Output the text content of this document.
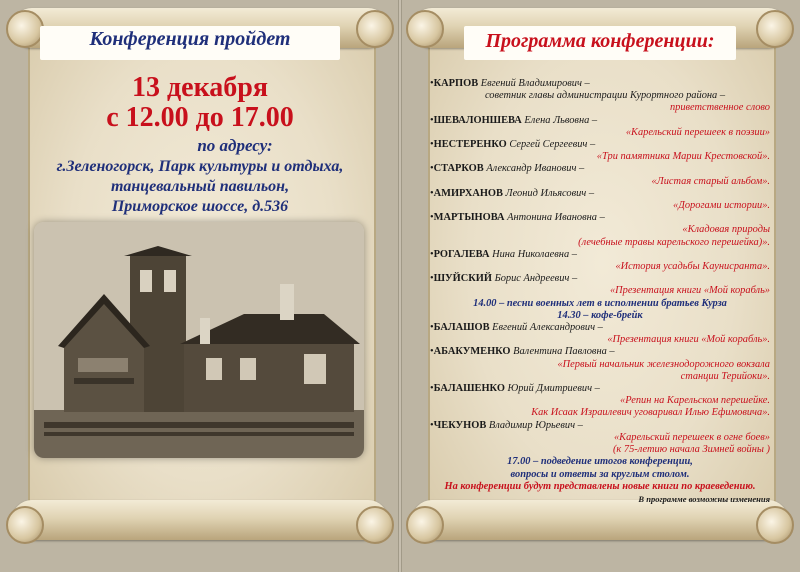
Конференция пройдет
13 декабря
с 12.00 до 17.00
по адресу:
г.Зеленогорск, Парк культуры и отдыха,
танцевальный павильон,
Приморское шоссе, д.536
Программа конференции:
•КАРПОВ Евгений Владимирович –
советник главы администрации Курортного района –
приветственное слово
•ШЕВАЛОНШЕВА Елена Львовна –
«Карельский перешеек в поэзии»
•НЕСТЕРЕНКО Сергей Сергеевич –
«Три памятника Марии Крестовской».
•СТАРКОВ Александр Иванович –
«Листая старый альбом».
•АМИРХАНОВ Леонид Ильясович –
«Дорогами истории».
•МАРТЫНОВА Антонина Ивановна –
«Кладовая природы
(лечебные травы карельского перешейка)».
•РОГАЛЕВА Нина Николаевна –
«История усадьбы Каунисранта».
•ШУЙСКИЙ Борис Андреевич –
«Презентация книги «Мой корабль»
14.00 – песни военных лет в исполнении братьев Курза
14.30 – кофе-брейк
•БАЛАШОВ Евгений Александрович –
«Презентация книги «Мой корабль».
•АБАКУМЕНКО Валентина Павловна –
«Первый начальник железнодорожного вокзала
станции Терийоки».
•БАЛАШЕНКО Юрий Дмитриевич –
«Репин на Карельском перешейке.
Как Исаак Израилевич уговаривал Илью Ефимовича».
•ЧЕКУНОВ Владимир Юрьевич –
«Карельский перешеек в огне боев»
(к 75-летию начала Зимней войны )
17.00 – подведение итогов конференции,
вопросы и ответы за круглым столом.
На конференции будут представлены новые книги по краеведению.
В программе возможны изменения
